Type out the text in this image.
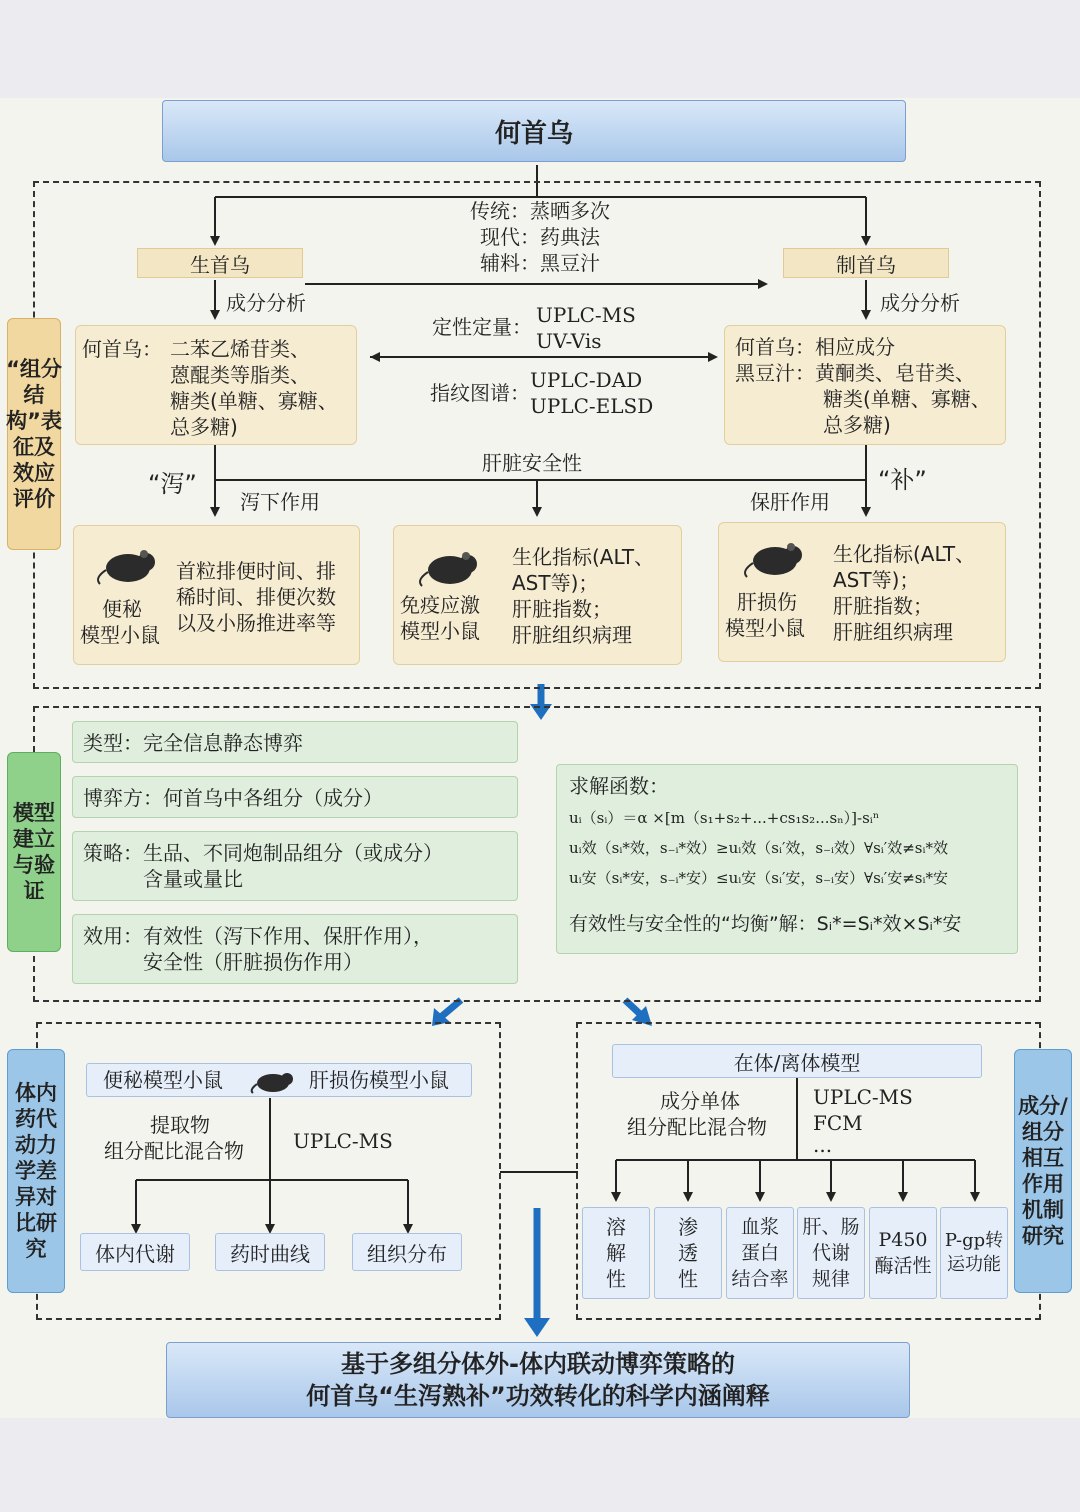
何首乌
“组分结构”表征及效应评价
传统：蒸晒多次
现代：药典法
辅料：黑豆汁
生首乌	制首乌
成分分析	成分分析
何首乌： 二苯乙烯苷类、
蒽醌类等脂类、
糖类(单糖、寡糖、
总多糖)
何首乌：相应成分
黑豆汁：黄酮类、皂苷类、
糖类(单糖、寡糖、
总多糖)
定性定量： UPLC-MS
UV-Vis
指纹图谱：
UPLC-DAD
UPLC-ELSD
“泻”	“补”
肝脏安全性
泻下作用	保肝作用
便秘
模型小鼠
首粒排便时间、排
稀时间、排便次数
以及小肠推进率等
免疫应激
模型小鼠
生化指标(ALT、
AST等)；
肝脏指数；
肝脏组织病理
肝损伤
模型小鼠
生化指标(ALT、
AST等)；
肝脏指数；
肝脏组织病理
模型建立与验证
类型：完全信息静态博弈
博弈方：何首乌中各组分（成分）
策略：生品、不同炮制品组分（或成分）
　　　含量或量比
效用：有效性（泻下作用、保肝作用），
　　　安全性（肝脏损伤作用）
求解函数：
uᵢ（sᵢ）＝α ×[m（s₁+s₂+...+cs₁s₂...sₙ）]-sᵢⁿ
uᵢ效（sᵢ*效，s₋ᵢ*效）≥uᵢ效（sᵢ′效，s₋ᵢ效）∀sᵢ′效≠sᵢ*效
uᵢ安（sᵢ*安，s₋ᵢ*安）≤uᵢ安（sᵢ′安，s₋ᵢ安）∀sᵢ′安≠sᵢ*安
有效性与安全性的“均衡”解：Sᵢ*=Sᵢ*效×Sᵢ*安
体内药代动力学差异对比研究
便秘模型小鼠	肝损伤模型小鼠
提取物
组分配比混合物 UPLC-MS
体内代谢	药时曲线	组织分布
成分/组分相互作用机制研究
在体/离体模型
成分单体
组分配比混合物
UPLC-MS
FCM
...
溶
解
性
渗
透
性
血浆
蛋白
结合率
肝、肠
代谢
规律
P450
酶活性
P-gp转
运功能
基于多组分体外-体内联动博弈策略的
何首乌“生泻熟补”功效转化的科学内涵阐释
